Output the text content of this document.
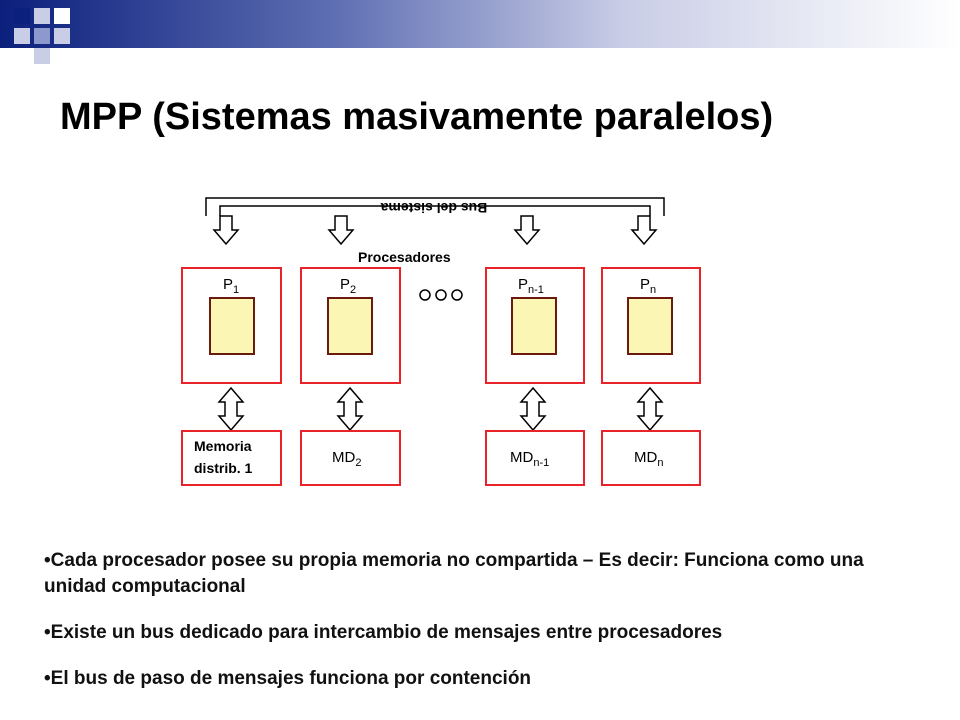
MPP (Sistemas masivamente paralelos)
Bus del sistema
Procesadores
$P_1$	$P_2$	$P_{n-1}$	$P_n$
Memoria
distrib. 1
$MD_2$	$MD_{n-1}$	$MD_n$
• Cada procesador posee su propia memoria no compartida – Es decir: Funciona como una unidad computacional
• Existe un bus dedicado para intercambio de mensajes entre procesadores
• El bus de paso de mensajes funciona por contención
